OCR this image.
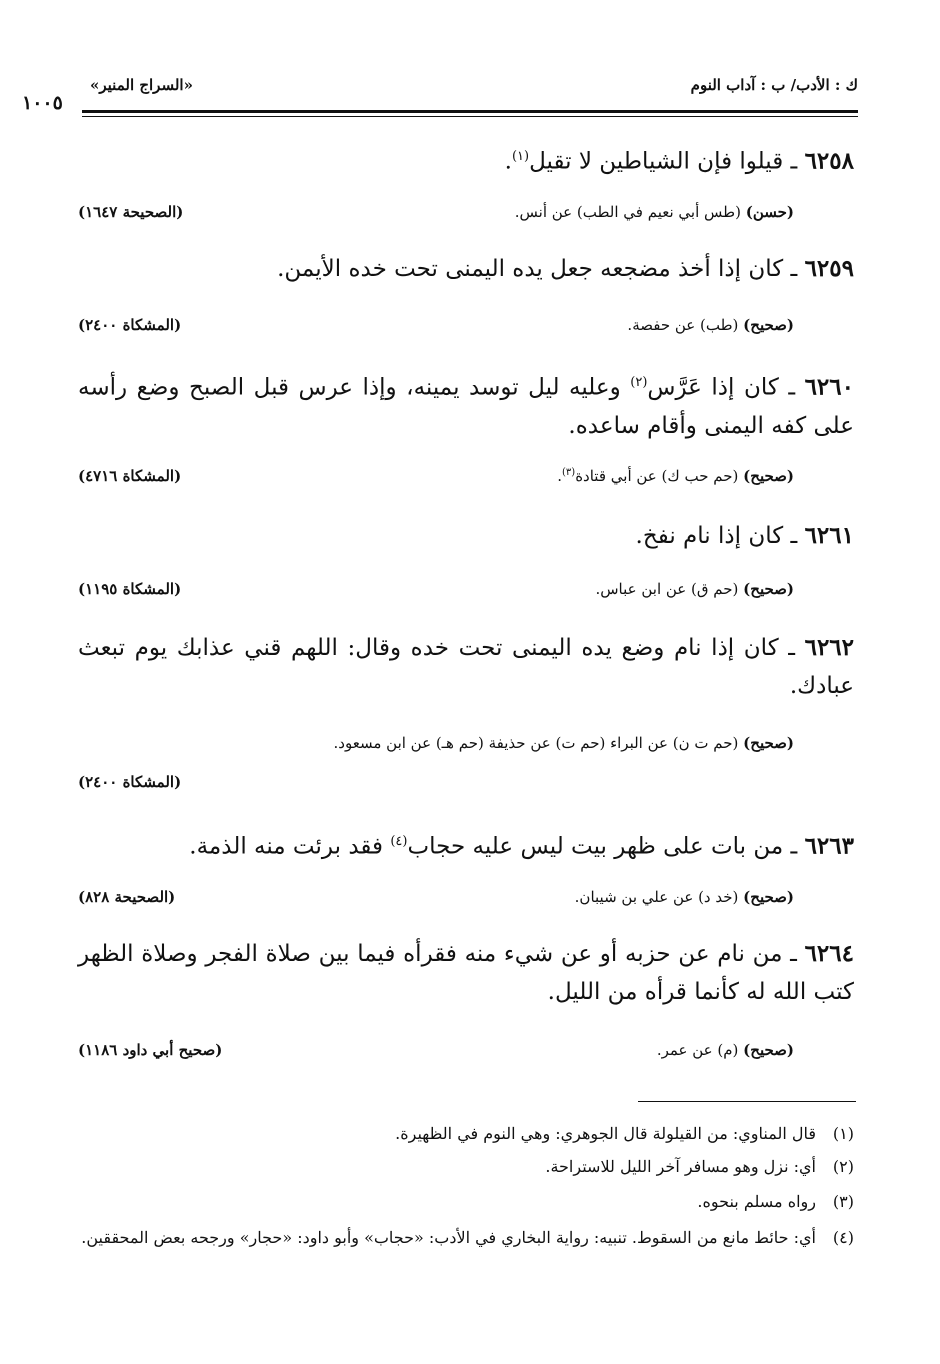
ك : الأدب/ ب : آداب النوم
«السراج المنير»
١٠٠٥
٦٢٥٨ ـ قيلوا فإن الشياطين لا تقيل$^{(١)}$.
(حسن) (طس أبي نعيم في الطب) عن أنس.
(الصحيحة ١٦٤٧)
٦٢٥٩ ـ كان إذا أخذ مضجعه جعل يده اليمنى تحت خده الأيمن.
(صحيح) (طب) عن حفصة.
(المشكاة ٢٤٠٠)
٦٢٦٠ ـ كان إذا عَرَّس$^{(٢)}$ وعليه ليل توسد يمينه، وإذا عرس قبل الصبح وضع رأسه على كفه اليمنى وأقام ساعده.
(صحيح) (حم حب ك) عن أبي قتادة$^{(٣)}$.
(المشكاة ٤٧١٦)
٦٢٦١ ـ كان إذا نام نفخ.
(صحيح) (حم ق) عن ابن عباس.
(المشكاة ١١٩٥)
٦٢٦٢ ـ كان إذا نام وضع يده اليمنى تحت خده وقال: اللهم قني عذابك يوم تبعث عبادك.
(صحيح) (حم ت ن) عن البراء (حم ت) عن حذيفة (حم هـ) عن ابن مسعود.
(المشكاة ٢٤٠٠)
٦٢٦٣ ـ من بات على ظهر بيت ليس عليه حجاب$^{(٤)}$ فقد برئت منه الذمة.
(صحيح) (خد د) عن علي بن شيبان.
(الصحيحة ٨٢٨)
٦٢٦٤ ـ من نام عن حزبه أو عن شيء منه فقرأه فيما بين صلاة الفجر وصلاة الظهر كتب الله له كأنما قرأه من الليل.
(صحيح) (م) عن عمر.
(صحيح أبي داود ١١٨٦)
(١)قال المناوي: من القيلولة قال الجوهري: وهي النوم في الظهيرة.
(٢)أي: نزل وهو مسافر آخر الليل للاستراحة.
(٣)رواه مسلم بنحوه.
(٤)أي: حائط مانع من السقوط. تنبيه: رواية البخاري في الأدب: «حجاب» وأبو داود: «حجار» ورجحه بعض المحققين.
